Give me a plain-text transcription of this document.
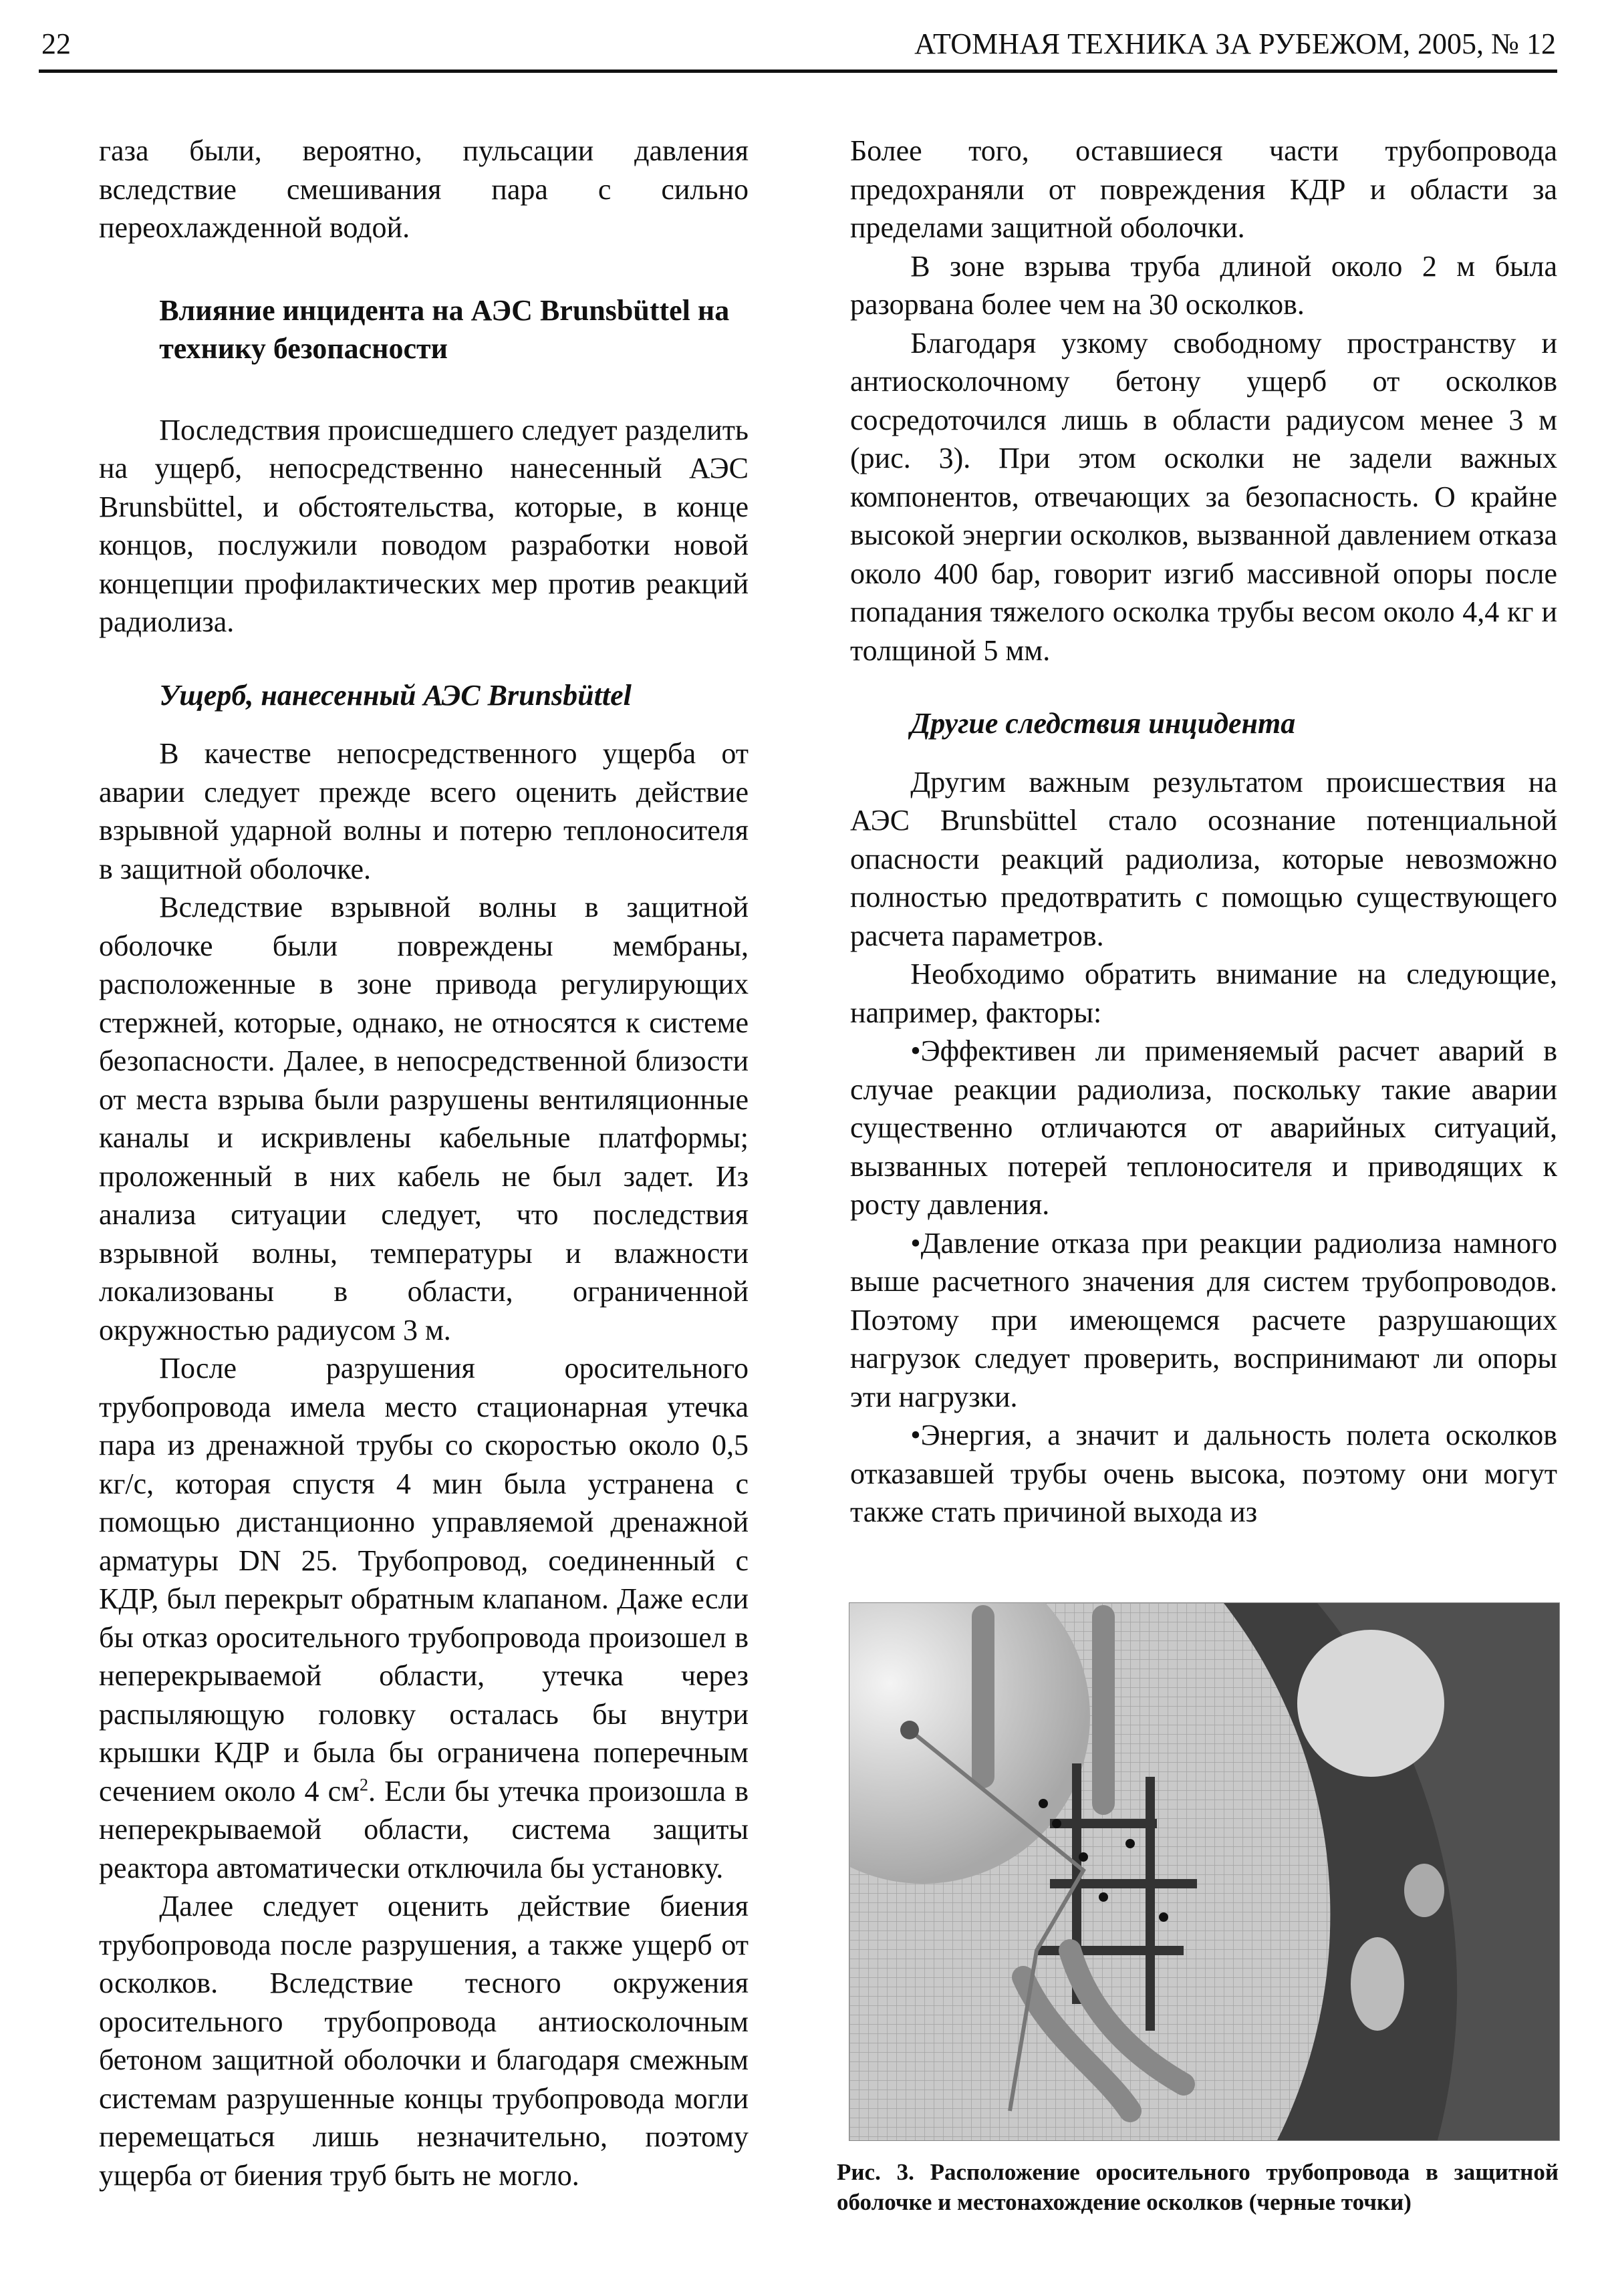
22	АТОМНАЯ ТЕХНИКА ЗА РУБЕЖОМ, 2005, № 12

газа были, вероятно, пульсации давления вследствие смешивания пара с сильно переохлажденной водой.

Влияние инцидента на АЭС Brunsbüttel на технику безопасности

Последствия происшедшего следует разделить на ущерб, непосредственно нанесенный АЭС Brunsbüttel, и обстоятельства, которые, в конце концов, послужили поводом разработки новой концепции профилактических мер против реакций радиолиза.

Ущерб, нанесенный АЭС Brunsbüttel

В качестве непосредственного ущерба от аварии следует прежде всего оценить действие взрывной ударной волны и потерю теплоносителя в защитной оболочке.

Вследствие взрывной волны в защитной оболочке были повреждены мембраны, расположенные в зоне привода регулирующих стержней, которые, однако, не относятся к системе безопасности. Далее, в непосредственной близости от места взрыва были разрушены вентиляционные каналы и искривлены кабельные платформы; проложенный в них кабель не был задет. Из анализа ситуации следует, что последствия взрывной волны, температуры и влажности локализованы в области, ограниченной окружностью радиусом 3 м.

После разрушения оросительного трубопровода имела место стационарная утечка пара из дренажной трубы со скоростью около 0,5 кг/с, которая спустя 4 мин была устранена с помощью дистанционно управляемой дренажной арматуры DN 25. Трубопровод, соединенный с КДР, был перекрыт обратным клапаном. Даже если бы отказ оросительного трубопровода произошел в неперекрываемой области, утечка через распыляющую головку осталась бы внутри крышки КДР и была бы ограничена поперечным сечением около 4 $см^2$. Если бы утечка произошла в неперекрываемой области, система защиты реактора автоматически отключила бы установку.

Далее следует оценить действие биения трубопровода после разрушения, а также ущерб от осколков. Вследствие тесного окружения оросительного трубопровода антиосколочным бетоном защитной оболочки и благодаря смежным системам разрушенные концы трубопровода могли перемещаться лишь незначительно, поэтому ущерба от биения труб быть не могло.

Более того, оставшиеся части трубопровода предохраняли от повреждения КДР и области за пределами защитной оболочки.

В зоне взрыва труба длиной около 2 м была разорвана более чем на 30 осколков.

Благодаря узкому свободному пространству и антиосколочному бетону ущерб от осколков сосредоточился лишь в области радиусом менее 3 м (рис. 3). При этом осколки не задели важных компонентов, отвечающих за безопасность. О крайне высокой энергии осколков, вызванной давлением отказа около 400 бар, говорит изгиб массивной опоры после попадания тяжелого осколка трубы весом около 4,4 кг и толщиной 5 мм.

Другие следствия инцидента

Другим важным результатом происшествия на АЭС Brunsbüttel стало осознание потенциальной опасности реакций радиолиза, которые невозможно полностью предотвратить с помощью существующего расчета параметров.

Необходимо обратить внимание на следующие, например, факторы:

• Эффективен ли применяемый расчет аварий в случае реакции радиолиза, поскольку такие аварии существенно отличаются от аварийных ситуаций, вызванных потерей теплоносителя и приводящих к росту давления.

• Давление отказа при реакции радиолиза намного выше расчетного значения для систем трубопроводов. Поэтому при имеющемся расчете разрушающих нагрузок следует проверить, воспринимают ли опоры эти нагрузки.

• Энергия, а значит и дальность полета осколков отказавшей трубы очень высока, поэтому они могут также стать причиной выхода из

Рис. 3. Расположение оросительного трубопровода в защитной оболочке и местонахождение осколков (черные точки)
